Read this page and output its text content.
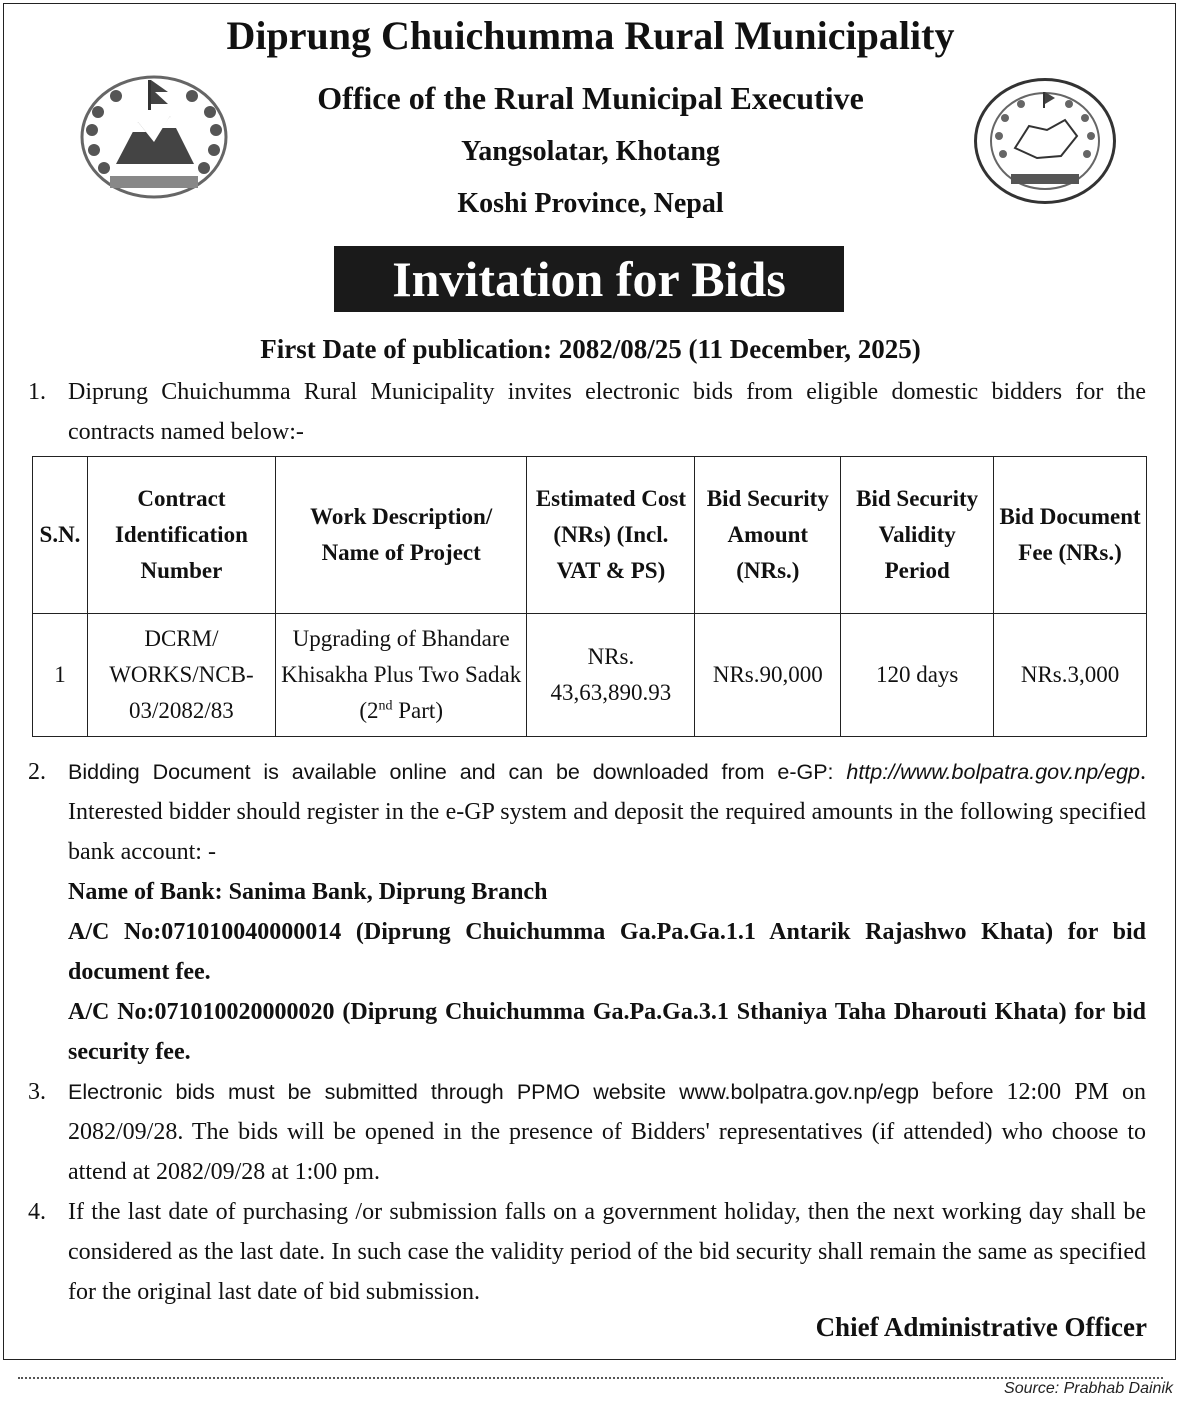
Diprung Chuichumma Rural Municipality
Office of the Rural Municipal Executive
Yangsolatar, Khotang
Koshi Province, Nepal
Invitation for Bids
First Date of publication: 2082/08/25 (11 December, 2025)
1. Diprung Chuichumma Rural Municipality invites electronic bids from eligible domestic bidders for the contracts named below:-
S.N.	Contract Identification Number	Work Description/ Name of Project	Estimated Cost (NRs) (Incl. VAT & PS)	Bid Security Amount (NRs.)	Bid Security Validity Period	Bid Document Fee (NRs.)
1	DCRM/ WORKS/NCB- 03/2082/83	Upgrading of Bhandare Khisakha Plus Two Sadak (2nd Part)	NRs. 43,63,890.93	NRs.90,000	120 days	NRs.3,000
2.	Bidding Document is available online and can be downloaded from e-GP: http://www.bolpatra.gov.np/egp. Interested bidder should register in the e-GP system and deposit the required amounts in the following specified bank account: -
Name of Bank: Sanima Bank, Diprung Branch
A/C No:071010040000014 (Diprung Chuichumma Ga.Pa.Ga.1.1 Antarik Rajashwo Khata) for bid document fee.
A/C No:071010020000020 (Diprung Chuichumma Ga.Pa.Ga.3.1 Sthaniya Taha Dharouti Khata) for bid security fee.
3.	Electronic bids must be submitted through PPMO website www.bolpatra.gov.np/egp before 12:00 PM on 2082/09/28. The bids will be opened in the presence of Bidders' representatives (if attended) who choose to attend at 2082/09/28 at 1:00 pm.
4. If the last date of purchasing /or submission falls on a government holiday, then the next working day shall be considered as the last date. In such case the validity period of the bid security shall remain the same as specified for the original last date of bid submission.
Chief Administrative Officer
Source: Prabhab Dainik
